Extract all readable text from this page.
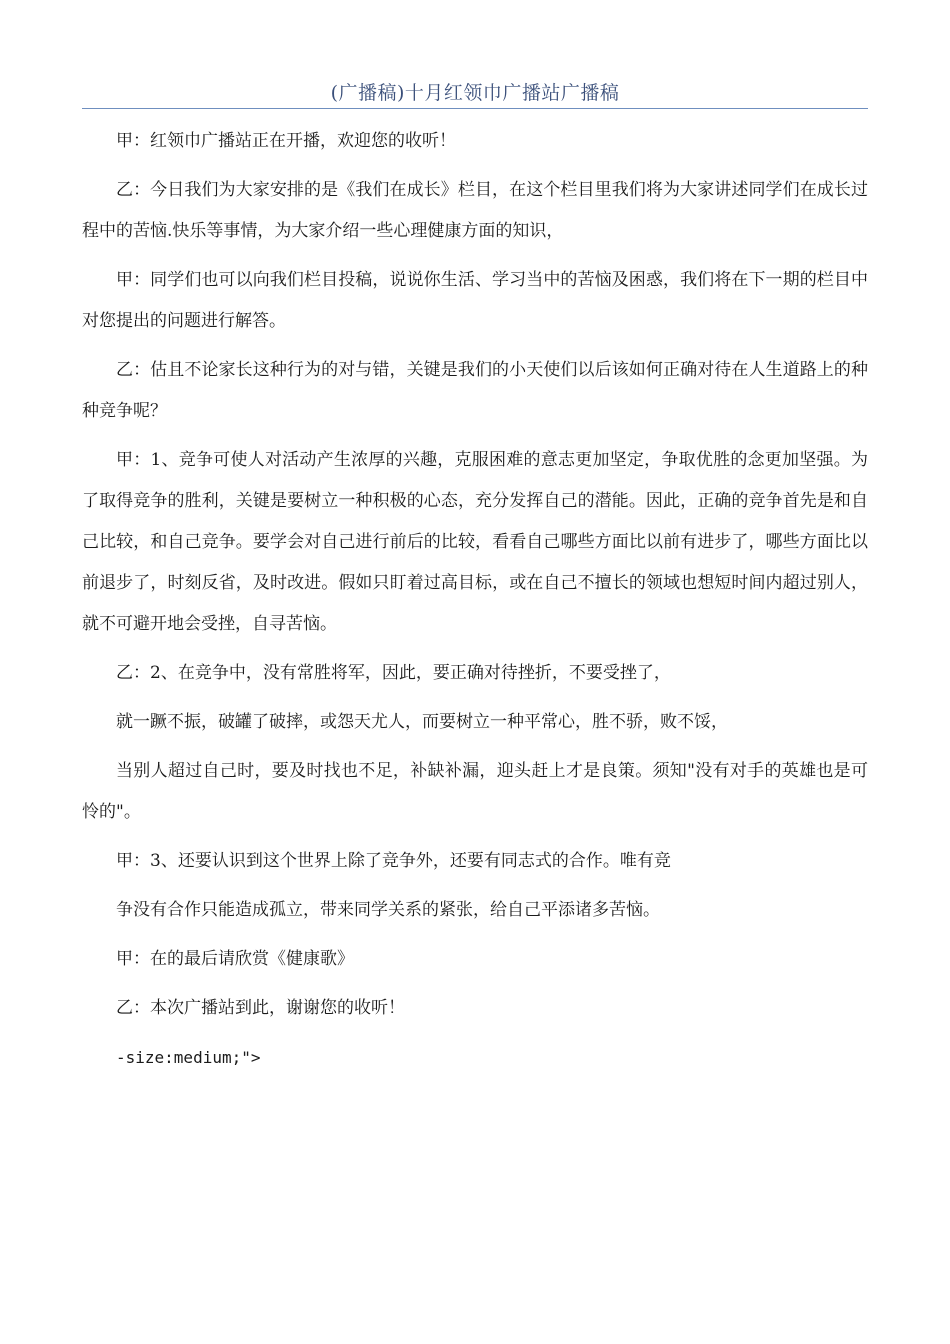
(广播稿)十月红领巾广播站广播稿

甲：红领巾广播站正在开播，欢迎您的收听！

乙：今日我们为大家安排的是《我们在成长》栏目，在这个栏目里我们将为大家讲述同学们在成长过程中的苦恼.快乐等事情，为大家介绍一些心理健康方面的知识，

甲：同学们也可以向我们栏目投稿，说说你生活、学习当中的苦恼及困惑，我们将在下一期的栏目中对您提出的问题进行解答。

乙：估且不论家长这种行为的对与错，关键是我们的小天使们以后该如何正确对待在人生道路上的种种竞争呢？

甲：1、竞争可使人对活动产生浓厚的兴趣，克服困难的意志更加坚定，争取优胜的念更加坚强。为了取得竞争的胜利，关键是要树立一种积极的心态，充分发挥自己的潜能。因此，正确的竞争首先是和自己比较，和自己竞争。要学会对自己进行前后的比较，看看自己哪些方面比以前有进步了，哪些方面比以前退步了，时刻反省，及时改进。假如只盯着过高目标，或在自己不擅长的领域也想短时间内超过别人，就不可避开地会受挫，自寻苦恼。

乙：2、在竞争中，没有常胜将军，因此，要正确对待挫折，不要受挫了，

就一蹶不振，破罐了破摔，或怨天尤人，而要树立一种平常心，胜不骄，败不馁，

当别人超过自己时，要及时找也不足，补缺补漏，迎头赶上才是良策。须知"没有对手的英雄也是可怜的"。

甲：3、还要认识到这个世界上除了竞争外，还要有同志式的合作。唯有竞

争没有合作只能造成孤立，带来同学关系的紧张，给自己平添诸多苦恼。

甲：在的最后请欣赏《健康歌》

乙：本次广播站到此，谢谢您的收听！

-size:medium;">
